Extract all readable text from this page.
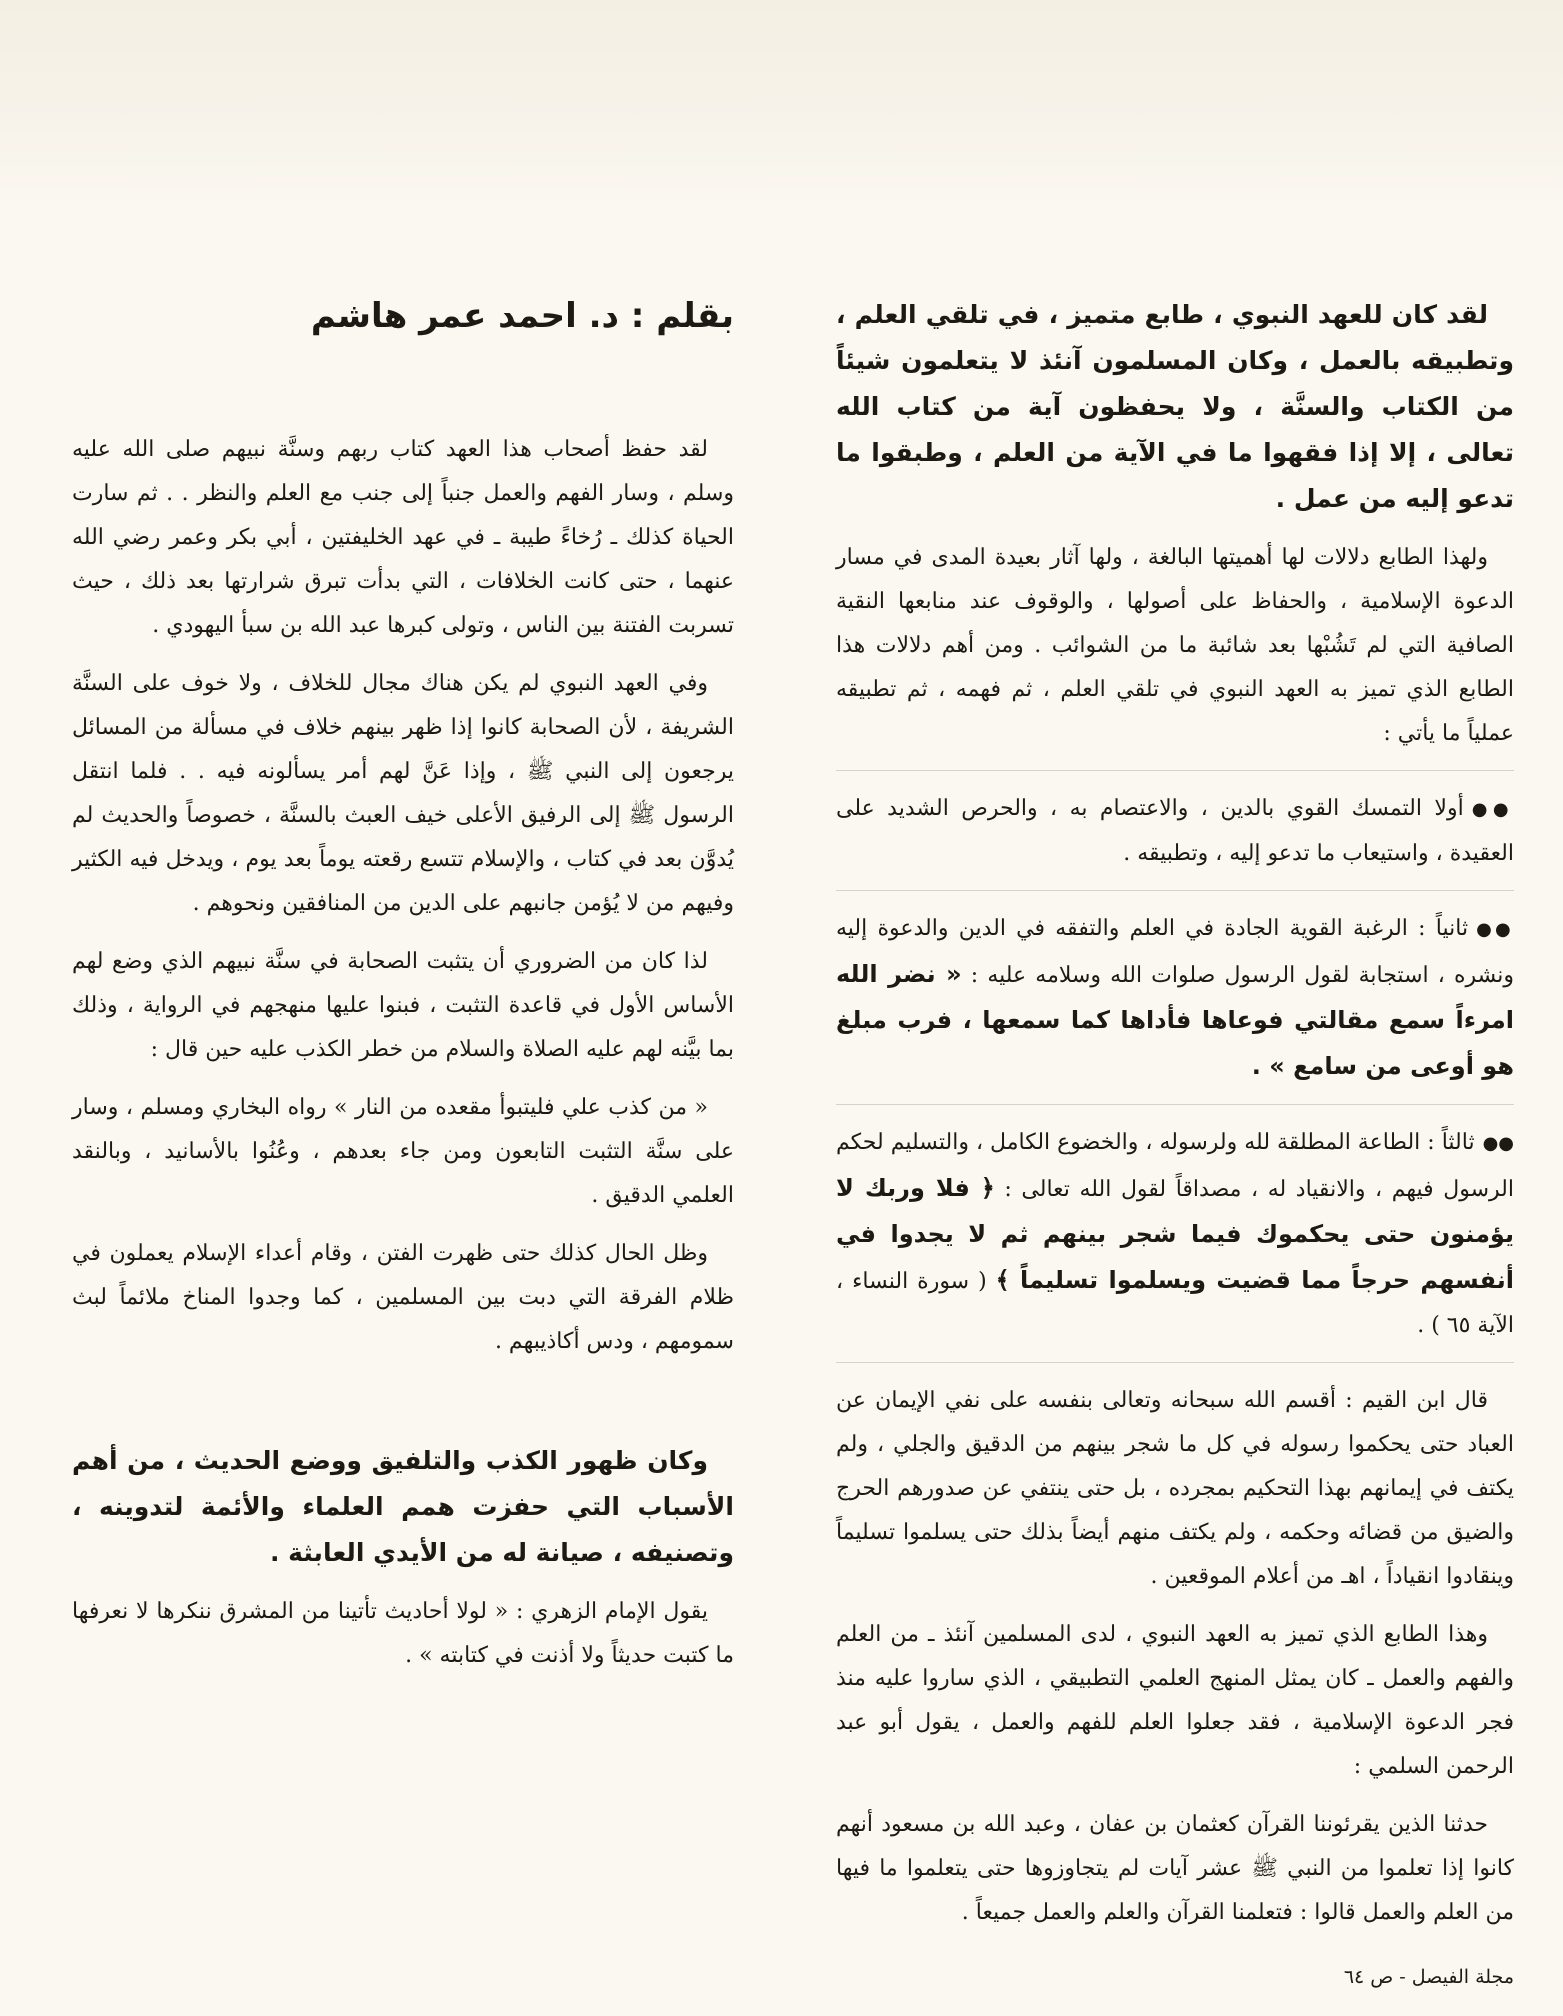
بقلم : د. احمد عمر هاشم	لقد كان للعهد النبوي ، طابع متميز ، في تلقي العلم ، وتطبيقه بالعمل ، وكان المسلمون آنئذ لا يتعلمون شيئاً من الكتاب والسنَّة ، ولا يحفظون آية من كتاب الله تعالى ، إلا إذا فقهوا ما في الآية من العلم ، وطبقوا ما تدعو إليه من عمل .

ولهذا الطابع دلالات لها أهميتها البالغة ، ولها آثار بعيدة المدى في مسار الدعوة الإسلامية ، والحفاظ على أصولها ، والوقوف عند منابعها النقية الصافية التي لم تَشُبْها بعد شائبة ما من الشوائب . ومن أهم دلالات هذا الطابع الذي تميز به العهد النبوي في تلقي العلم ، ثم فهمه ، ثم تطبيقه عملياً ما يأتي :

●●أولا التمسك القوي بالدين ، والاعتصام به ، والحرص الشديد على العقيدة ، واستيعاب ما تدعو إليه ، وتطبيقه .

●●ثانياً : الرغبة القوية الجادة في العلم والتفقه في الدين والدعوة إليه ونشره ، استجابة لقول الرسول صلوات الله وسلامه عليه : « نضر الله امرءاً سمع مقالتي فوعاها فأداها كما سمعها ، فرب مبلغ هو أوعى من سامع » .

●●ثالثاً : الطاعة المطلقة لله ولرسوله ، والخضوع الكامل ، والتسليم لحكم الرسول فيهم ، والانقياد له ، مصداقاً لقول الله تعالى : ﴿ فلا وربك لا يؤمنون حتى يحكموك فيما شجر بينهم ثم لا يجدوا في أنفسهم حرجاً مما قضيت ويسلموا تسليماً ﴾ ( سورة النساء ، الآية ٦٥ ) .

قال ابن القيم : أقسم الله سبحانه وتعالى بنفسه على نفي الإيمان عن العباد حتى يحكموا رسوله في كل ما شجر بينهم من الدقيق والجلي ، ولم يكتف في إيمانهم بهذا التحكيم بمجرده ، بل حتى ينتفي عن صدورهم الحرج والضيق من قضائه وحكمه ، ولم يكتف منهم أيضاً بذلك حتى يسلموا تسليماً وينقادوا انقياداً ، اهـ من أعلام الموقعين .

وهذا الطابع الذي تميز به العهد النبوي ، لدى المسلمين آنئذ ـ من العلم والفهم والعمل ـ كان يمثل المنهج العلمي التطبيقي ، الذي ساروا عليه منذ فجر الدعوة الإسلامية ، فقد جعلوا العلم للفهم والعمل ، يقول أبو عبد الرحمن السلمي :

حدثنا الذين يقرئوننا القرآن كعثمان بن عفان ، وعبد الله بن مسعود أنهم كانوا إذا تعلموا من النبي ﷺ عشر آيات لم يتجاوزوها حتى يتعلموا ما فيها من العلم والعمل قالوا : فتعلمنا القرآن والعلم والعمل جميعاً .

لقد حفظ أصحاب هذا العهد كتاب ربهم وسنَّة نبيهم صلى الله عليه وسلم ، وسار الفهم والعمل جنباً إلى جنب مع العلم والنظر . . ثم سارت الحياة كذلك ـ رُخاءً طيبة ـ في عهد الخليفتين ، أبي بكر وعمر رضي الله عنهما ، حتى كانت الخلافات ، التي بدأت تبرق شرارتها بعد ذلك ، حيث تسربت الفتنة بين الناس ، وتولى كبرها عبد الله بن سبأ اليهودي .

وفي العهد النبوي لم يكن هناك مجال للخلاف ، ولا خوف على السنَّة الشريفة ، لأن الصحابة كانوا إذا ظهر بينهم خلاف في مسألة من المسائل يرجعون إلى النبي ﷺ ، وإذا عَنَّ لهم أمر يسألونه فيه . . فلما انتقل الرسول ﷺ إلى الرفيق الأعلى خيف العبث بالسنَّة ، خصوصاً والحديث لم يُدوَّن بعد في كتاب ، والإسلام تتسع رقعته يوماً بعد يوم ، ويدخل فيه الكثير وفيهم من لا يُؤمن جانبهم على الدين من المنافقين ونحوهم .

لذا كان من الضروري أن يتثبت الصحابة في سنَّة نبيهم الذي وضع لهم الأساس الأول في قاعدة التثبت ، فبنوا عليها منهجهم في الرواية ، وذلك بما بيَّنه لهم عليه الصلاة والسلام من خطر الكذب عليه حين قال :

« من كذب علي فليتبوأ مقعده من النار » رواه البخاري ومسلم ، وسار على سنَّة التثبت التابعون ومن جاء بعدهم ، وعُنُوا بالأسانيد ، وبالنقد العلمي الدقيق .

وظل الحال كذلك حتى ظهرت الفتن ، وقام أعداء الإسلام يعملون في ظلام الفرقة التي دبت بين المسلمين ، كما وجدوا المناخ ملائماً لبث سمومهم ، ودس أكاذيبهم .

وكان ظهور الكذب والتلفيق ووضع الحديث ، من أهم الأسباب التي حفزت همم العلماء والأئمة لتدوينه ، وتصنيفه ، صيانة له من الأيدي العابثة .

يقول الإمام الزهري : « لولا أحاديث تأتينا من المشرق ننكرها لا نعرفها ما كتبت حديثاً ولا أذنت في كتابته » .

مجلة الفيصل - ص ٦٤
